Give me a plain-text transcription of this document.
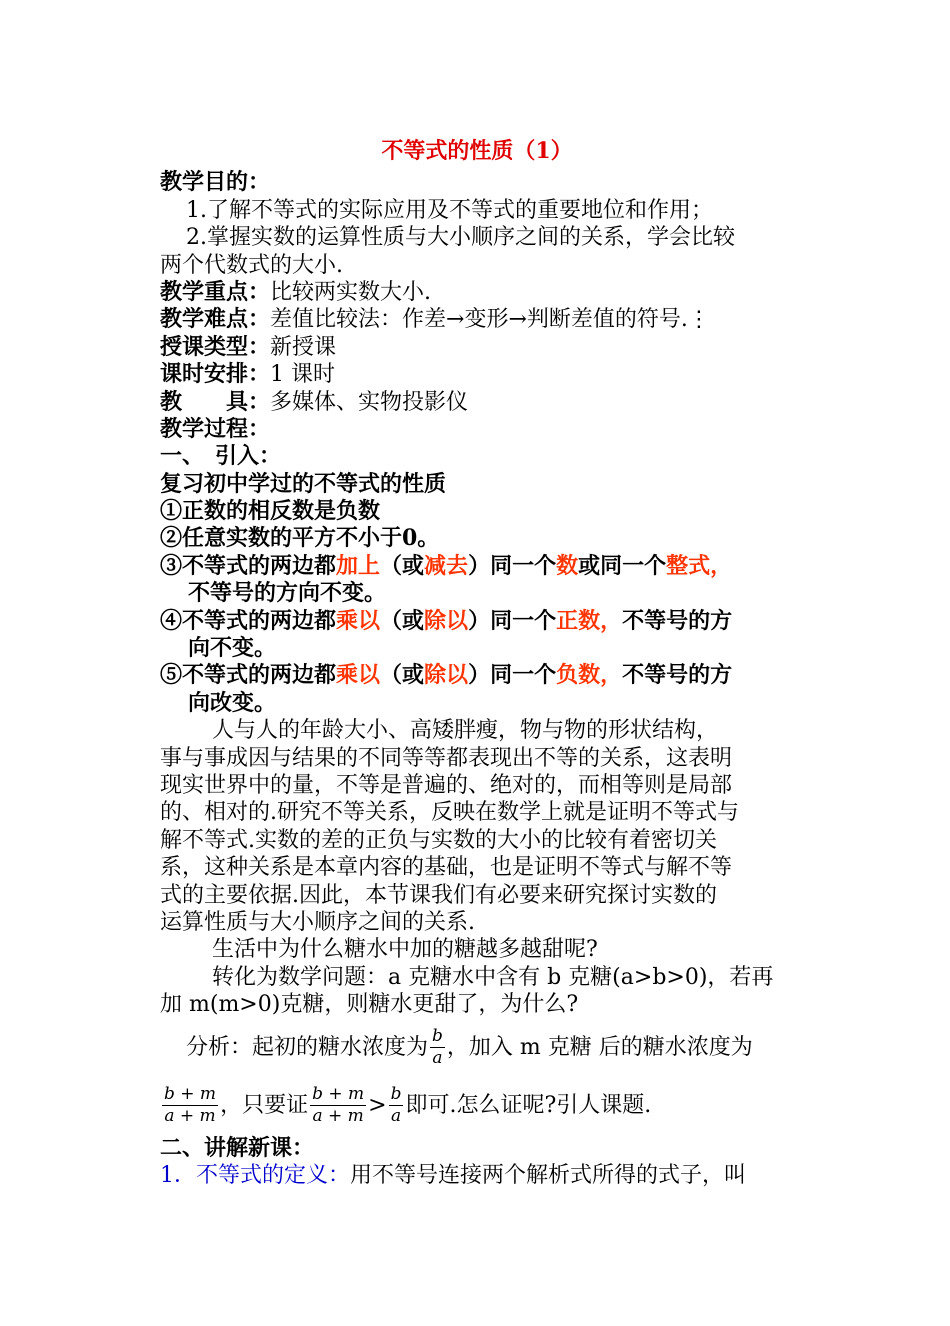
不等式的性质（1）
教学目的：
1.了解不等式的实际应用及不等式的重要地位和作用；
2.掌握实数的运算性质与大小顺序之间的关系，学会比较
两个代数式的大小.
教学重点：比较两实数大小.
教学难点：差值比较法：作差→变形→判断差值的符号.⋮
授课类型：新授课
课时安排：1 课时
教　　具：多媒体、实物投影仪
教学过程：
一、　引入：
复习初中学过的不等式的性质
①正数的相反数是负数
②任意实数的平方不小于0。
③不等式的两边都加上（或减去）同一个数或同一个整式，
不等号的方向不变。
④不等式的两边都乘以（或除以）同一个正数，不等号的方
向不变。
⑤不等式的两边都乘以（或除以）同一个负数，不等号的方
向改变。
人与人的年龄大小、高矮胖瘦，物与物的形状结构，
事与事成因与结果的不同等等都表现出不等的关系，这表明
现实世界中的量，不等是普遍的、绝对的，而相等则是局部
的、相对的.研究不等关系，反映在数学上就是证明不等式与
解不等式.实数的差的正负与实数的大小的比较有着密切关
系，这种关系是本章内容的基础，也是证明不等式与解不等
式的主要依据.因此，本节课我们有必要来研究探讨实数的
运算性质与大小顺序之间的关系.
生活中为什么糖水中加的糖越多越甜呢?
转化为数学问题：a 克糖水中含有 b 克糖(a>b>0)，若再
加 m(m>0)克糖，则糖水更甜了，为什么?
分析：起初的糖水浓度为 $\frac{b}{a}$ ，加入 m 克糖 后的糖水浓度为
$\frac{b + m}{a + m}$ ，只要证 $\frac{b + m}{a + m} > \frac{b}{a}$ 即可.怎么证呢?引人课题.
二、讲解新课：
1．不等式的定义：用不等号连接两个解析式所得的式子，叫
